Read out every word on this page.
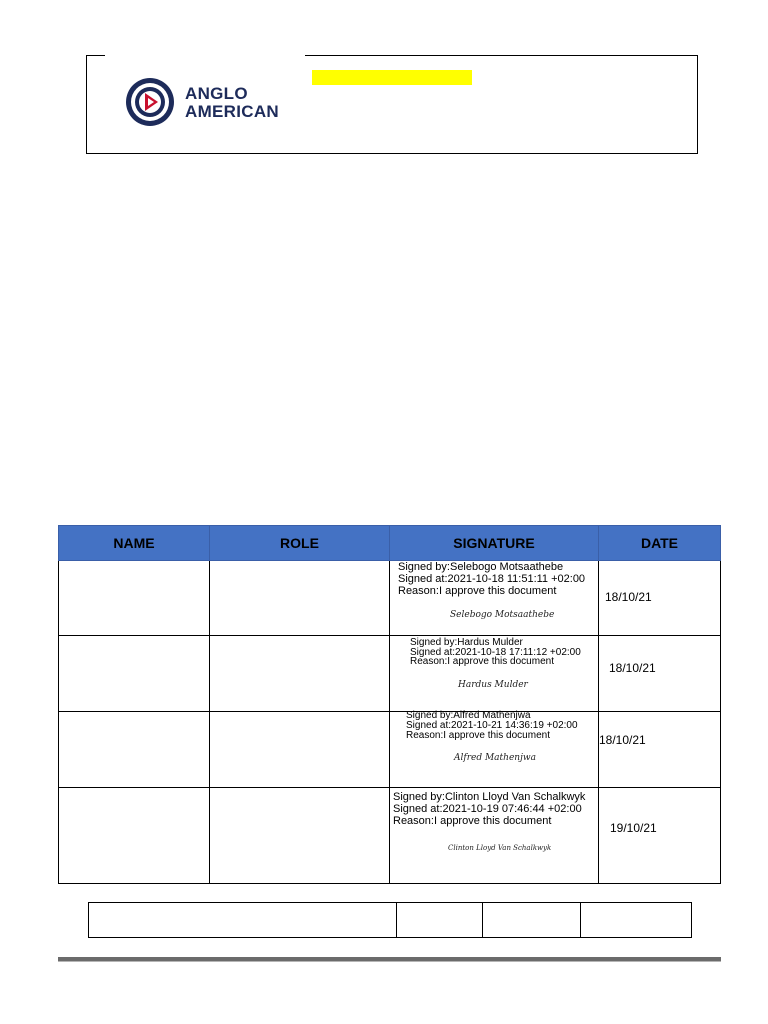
ANGLO
AMERICAN
NAME	ROLE	SIGNATURE	DATE

		Signed by:Selebogo Motsaathebe
Signed at:2021-10-18 11:51:11 +02:00
Reason:I approve this document
Selebogo Motsaathebe	18/10/21

		Signed by:Hardus Mulder
Signed at:2021-10-18 17:11:12 +02:00
Reason:I approve this document
Hardus Mulder	18/10/21

		Signed by:Alfred Mathenjwa
Signed at:2021-10-21 14:36:19 +02:00
Reason:I approve this document
Alfred Mathenjwa	18/10/21

		Signed by:Clinton Lloyd Van Schalkwyk
Signed at:2021-10-19 07:46:44 +02:00
Reason:I approve this document
Clinton Lloyd Van Schalkwyk	19/10/21
